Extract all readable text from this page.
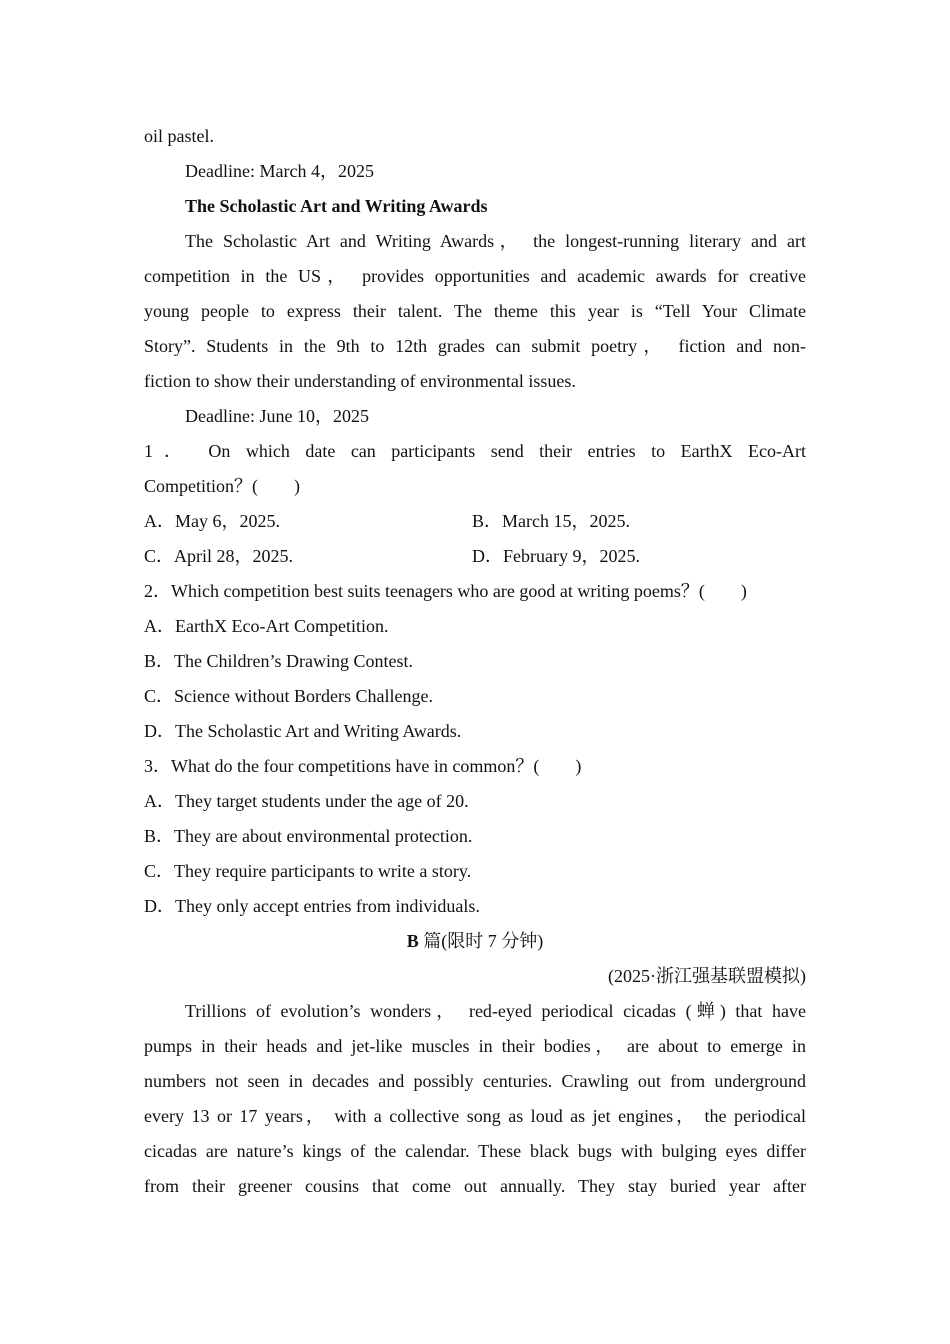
oil pastel.
Deadline: March 4，2025
The Scholastic Art and Writing Awards
The Scholastic Art and Writing Awards， the longest-running literary and art
competition in the US， provides opportunities and academic awards for creative
young people to express their talent. The theme this year is “Tell Your Climate
Story”. Students in the 9th to 12th grades can submit poetry， fiction and non-
fiction to show their understanding of environmental issues.
Deadline: June 10，2025
1． On which date can participants send their entries to EarthX Eco-Art
Competition？(　　)
A．May 6，2025.	B．March 15，2025.
C．April 28，2025.	D．February 9，2025.
2．Which competition best suits teenagers who are good at writing poems？(　　)
A．EarthX Eco-Art Competition.
B．The Children’s Drawing Contest.
C．Science without Borders Challenge.
D．The Scholastic Art and Writing Awards.
3．What do the four competitions have in common？(　　)
A．They target students under the age of 20.
B．They are about environmental protection.
C．They require participants to write a story.
D．They only accept entries from individuals.
B 篇(限时 7 分钟)
(2025·浙江强基联盟模拟)
Trillions of evolution’s wonders， red-eyed periodical cicadas (蝉) that have
pumps in their heads and jet-like muscles in their bodies， are about to emerge in
numbers not seen in decades and possibly centuries. Crawling out from underground
every 13 or 17 years， with a collective song as loud as jet engines， the periodical
cicadas are nature’s kings of the calendar. These black bugs with bulging eyes differ
from their greener cousins that come out annually. They stay buried year after
